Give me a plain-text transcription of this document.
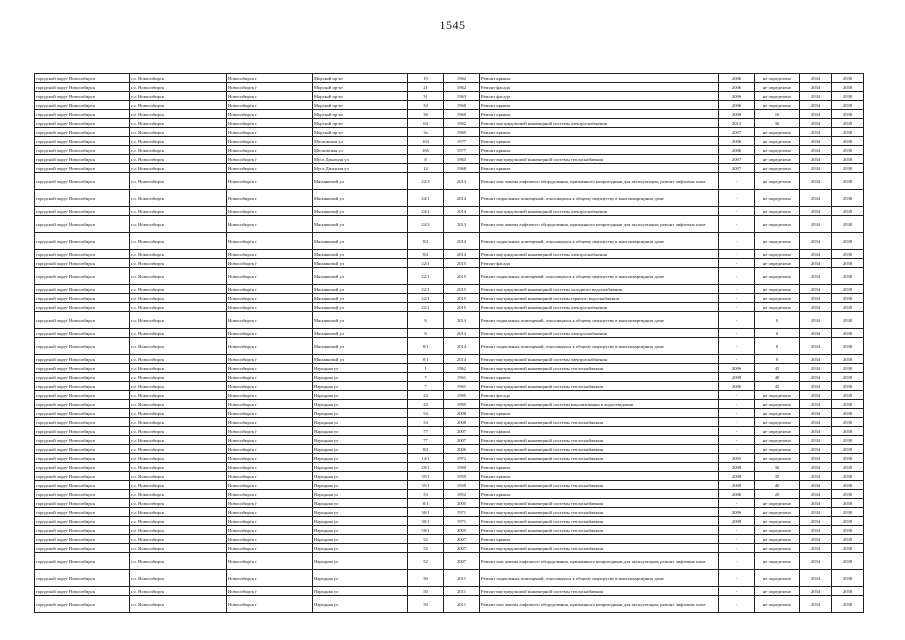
1545
городской округ Новосибирск	г.о. Новосибирск	Новосибирск г	Морской пр-кт	19	1962	Ремонт крыши	2006	не определено	2034	2038
городской округ Новосибирск	г.о. Новосибирск	Новосибирск г	Морской пр-кт	21	1962	Ремонт фасада	2006	не определено	2034	2038
городской округ Новосибирск	г.о. Новосибирск	Новосибирск г	Морской пр-кт	31	1963	Ремонт фасада	2006	не определено	2034	2038
городской округ Новосибирск	г.о. Новосибирск	Новосибирск г	Морской пр-кт	34	1960	Ремонт крыши	2006	не определено	2034	2038
городской округ Новосибирск	г.о. Новосибирск	Новосибирск г	Морской пр-кт	38	1960	Ремонт крыши	2008	10	2034	2038
городской округ Новосибирск	г.о. Новосибирск	Новосибирск г	Морской пр-кт	64	1962	Ремонт внутридомовой инженерной системы электроснабжения	2013	30	2034	2038
городской округ Новосибирск	г.о. Новосибирск	Новосибирск г	Морской пр-кт	3а	1965	Ремонт крыши	2007	не определено	2034	2038
городской округ Новосибирск	г.о. Новосибирск	Новосибирск г	Московская ул	163	1977	Ремонт крыши	2006	не определено	2034	2038
городской округ Новосибирск	г.о. Новосибирск	Новосибирск г	Московская ул	165	1977	Ремонт крыши	2006	не определено	2034	2038
городской округ Новосибирск	г.о. Новосибирск	Новосибирск г	Муса Джалиля ул	8	1963	Ремонт внутридомовой инженерной системы теплоснабжения	2007	не определено	2034	2038
городской округ Новосибирск	г.о. Новосибирск	Новосибирск г	Муса Джалиля ул	12	1968	Ремонт крыши	2007	не определено	2034	2038
городской округ Новосибирск	г.о. Новосибирск	Новосибирск г	Мясниковой ул	22/3	2013	Ремонт или замена лифтового оборудования, признанного непригодным для эксплуатации, ремонт лифтовых шахт	-	не определено	2034	2038
городской округ Новосибирск	г.о. Новосибирск	Новосибирск г	Мясниковой ул	24/1	2014	Ремонт подвальных помещений, относящихся к общему имуществу в многоквартирном доме	-	не определено	2034	2038
городской округ Новосибирск	г.о. Новосибирск	Новосибирск г	Мясниковой ул	24/1	2014	Ремонт внутридомовой инженерной системы электроснабжения	-	не определено	2034	2038
городской округ Новосибирск	г.о. Новосибирск	Новосибирск г	Мясниковой ул	24/2	2013	Ремонт или замена лифтового оборудования, признанного непригодным для эксплуатации, ремонт лифтовых шахт	-	не определено	2034	2038
городской округ Новосибирск	г.о. Новосибирск	Новосибирск г	Мясниковой ул	8/2	2014	Ремонт подвальных помещений, относящихся к общему имуществу в многоквартирном доме	-	не определено	2034	2038
городской округ Новосибирск	г.о. Новосибирск	Новосибирск г	Мясниковой ул	8/2	2014	Ремонт внутридомовой инженерной системы электроснабжения	-	не определено	2034	2038
городской округ Новосибирск	г.о. Новосибирск	Новосибирск г	Мясниковой ул	22/1	2015	Ремонт фасада	-	не определено	2034	2038
городской округ Новосибирск	г.о. Новосибирск	Новосибирск г	Мясниковой ул	22/1	2015	Ремонт подвальных помещений, относящихся к общему имуществу в многоквартирном доме	-	не определено	2034	2038
городской округ Новосибирск	г.о. Новосибирск	Новосибирск г	Мясниковой ул	22/1	2015	Ремонт внутридомовой инженерной системы холодного водоснабжения	-	не определено	2034	2038
городской округ Новосибирск	г.о. Новосибирск	Новосибирск г	Мясниковой ул	22/1	2015	Ремонт внутридомовой инженерной системы горячего водоснабжения	-	не определено	2034	2038
городской округ Новосибирск	г.о. Новосибирск	Новосибирск г	Мясниковой ул	22/1	2015	Ремонт внутридомовой инженерной системы электроснабжения	-	не определено	2034	2038
городской округ Новосибирск	г.о. Новосибирск	Новосибирск г	Мясниковой ул	8	2014	Ремонт подвальных помещений, относящихся к общему имуществу в многоквартирном доме	-	0	2034	2038
городской округ Новосибирск	г.о. Новосибирск	Новосибирск г	Мясниковой ул	8	2014	Ремонт внутридомовой инженерной системы электроснабжения	-	0	2034	2038
городской округ Новосибирск	г.о. Новосибирск	Новосибирск г	Мясниковой ул	8/1	2014	Ремонт подвальных помещений, относящихся к общему имуществу в многоквартирном доме	-	0	2034	2038
городской округ Новосибирск	г.о. Новосибирск	Новосибирск г	Мясниковой ул	8/1	2014	Ремонт внутридомовой инженерной системы электроснабжения	-	0	2034	2038
городской округ Новосибирск	г.о. Новосибирск	Новосибирск г	Народная ул	1	1962	Ремонт внутридомовой инженерной системы теплоснабжения	2006	45	2034	2038
городской округ Новосибирск	г.о. Новосибирск	Новосибирск г	Народная ул	7	1961	Ремонт крыши	2008	40	2034	2038
городской округ Новосибирск	г.о. Новосибирск	Новосибирск г	Народная ул	7	1961	Ремонт внутридомовой инженерной системы теплоснабжения	2006	45	2034	2038
городской округ Новосибирск	г.о. Новосибирск	Новосибирск г	Народная ул	24	1995	Ремонт фасада	-	не определено	2034	2038
городской округ Новосибирск	г.о. Новосибирск	Новосибирск г	Народная ул	24	1995	Ремонт внутридомовой инженерной системы канализования и водоотведения	-	не определено	2034	2038
городской округ Новосибирск	г.о. Новосибирск	Новосибирск г	Народная ул	54	2008	Ремонт крыши	-	не определено	2034	2038
городской округ Новосибирск	г.о. Новосибирск	Новосибирск г	Народная ул	54	2008	Ремонт внутридомовой инженерной системы теплоснабжения	-	не определено	2034	2038
городской округ Новосибирск	г.о. Новосибирск	Новосибирск г	Народная ул	77	2007	Ремонт крыши	-	не определено	2034	2038
городской округ Новосибирск	г.о. Новосибирск	Новосибирск г	Народная ул	77	2007	Ремонт внутридомовой инженерной системы теплоснабжения	-	не определено	2034	2038
городской округ Новосибирск	г.о. Новосибирск	Новосибирск г	Народная ул	8/2	2006	Ремонт внутридомовой инженерной системы теплоснабжения	-	не определено	2034	2038
городской округ Новосибирск	г.о. Новосибирск	Новосибирск г	Народная ул	14/1	1972	Ремонт внутридомовой инженерной системы теплоснабжения	2005	не определено	2034	2038
городской округ Новосибирск	г.о. Новосибирск	Новосибирск г	Народная ул	29/1	1960	Ремонт крыши	2008	30	2034	2038
городской округ Новосибирск	г.о. Новосибирск	Новосибирск г	Народная ул	35/1	1959	Ремонт крыши	2008	35	2034	2038
городской округ Новосибирск	г.о. Новосибирск	Новосибирск г	Народная ул	35/1	1959	Ремонт внутридомовой инженерной системы теплоснабжения	2008	40	2034	2038
городской округ Новосибирск	г.о. Новосибирск	Новосибирск г	Народная ул	53	1952	Ремонт крыши	2006	20	2034	2038
городской округ Новосибирск	г.о. Новосибирск	Новосибирск г	Народная ул	8/1	2005	Ремонт внутридомовой инженерной системы теплоснабжения	-	не определено	2034	2038
городской округ Новосибирск	г.о. Новосибирск	Новосибирск г	Народная ул	30/1	1971	Ремонт внутридомовой инженерной системы теплоснабжения	2006	не определено	2034	2038
городской округ Новосибирск	г.о. Новосибирск	Новосибирск г	Народная ул	30/1	1971	Ремонт внутридомовой инженерной системы теплоснабжения	2008	не определено	2034	2038
городской округ Новосибирск	г.о. Новосибирск	Новосибирск г	Народная ул	50/1	2005	Ремонт внутридомовой инженерной системы теплоснабжения	-	не определено	2034	2038
городской округ Новосибирск	г.о. Новосибирск	Новосибирск г	Народная ул	52	2007	Ремонт крыши	-	не определено	2034	2038
городской округ Новосибирск	г.о. Новосибирск	Новосибирск г	Народная ул	52	2007	Ремонт внутридомовой инженерной системы теплоснабжения	-	не определено	2034	2038
городской округ Новосибирск	г.о. Новосибирск	Новосибирск г	Народная ул	52	2007	Ремонт или замена лифтового оборудования, признанного непригодным для эксплуатации, ремонт лифтовых шахт	-	не определено	2034	2038
городской округ Новосибирск	г.о. Новосибирск	Новосибирск г	Народная ул	50	2011	Ремонт подвальных помещений, относящихся к общему имуществу в многоквартирном доме	-	не определено	2034	2038
городской округ Новосибирск	г.о. Новосибирск	Новосибирск г	Народная ул	50	2011	Ремонт внутридомовой инженерной системы теплоснабжения	-	не определено	2034	2038
городской округ Новосибирск	г.о. Новосибирск	Новосибирск г	Народная ул	50	2011	Ремонт или замена лифтового оборудования, признанного непригодным для эксплуатации, ремонт лифтовых шахт	-	не определено	2034	2038
